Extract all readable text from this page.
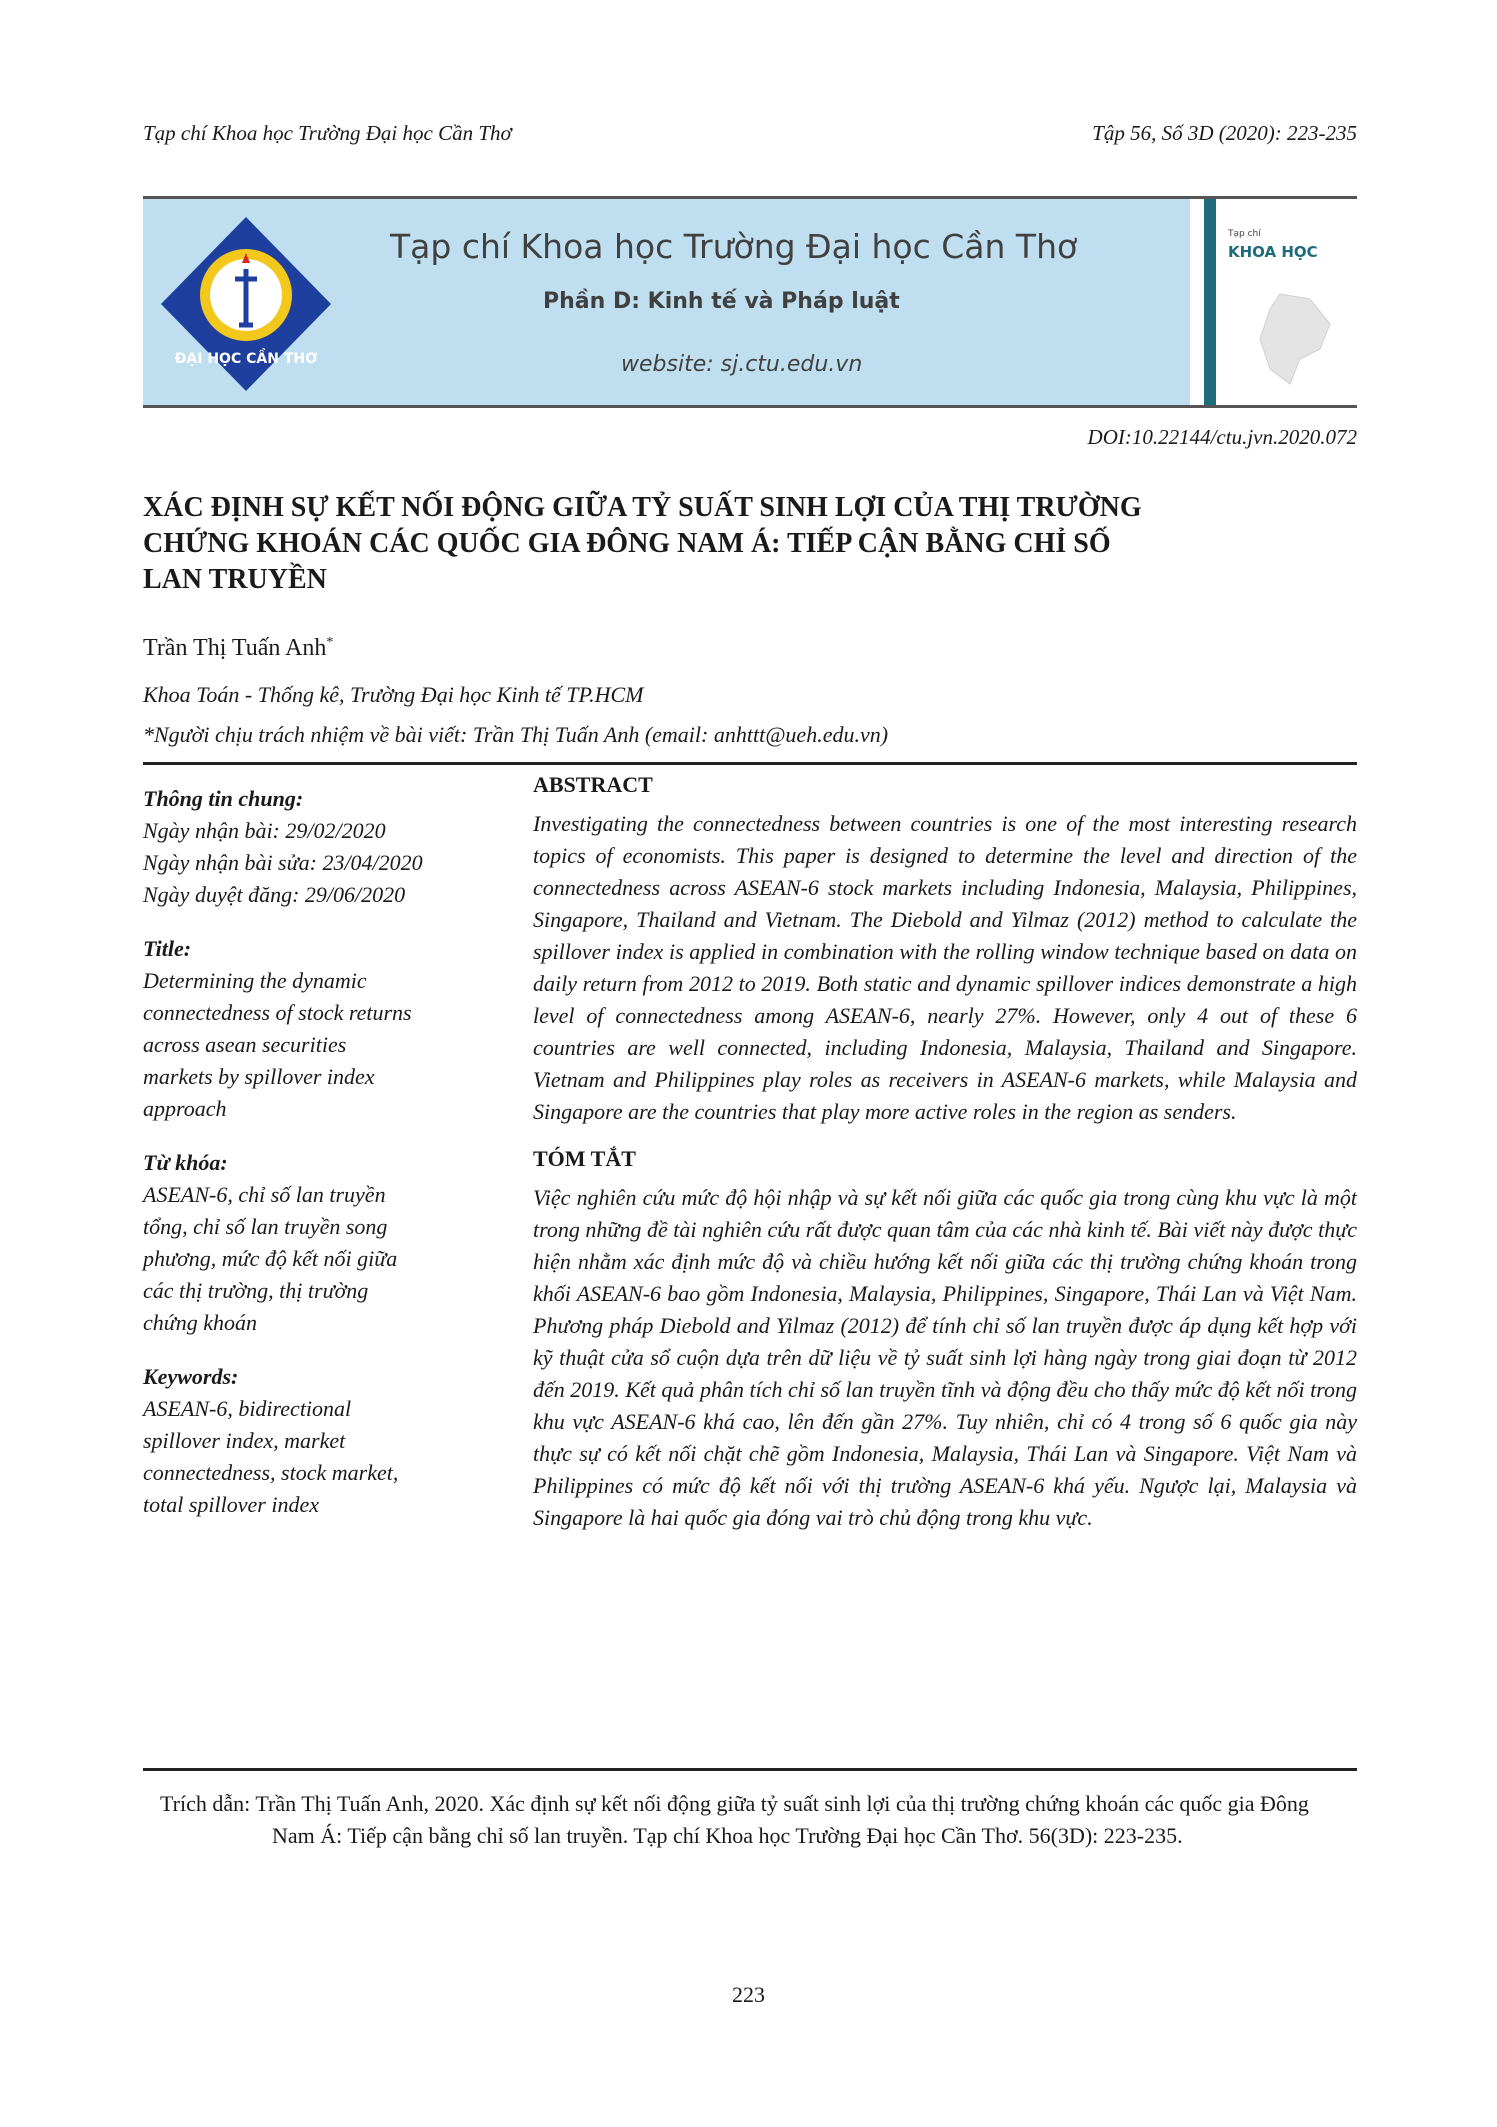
Tạp chí Khoa học Trường Đại học Cần Thơ	Tập 56, Số 3D (2020): 223-235
ĐẠI HỌC CẦN THƠ
Tạp chí Khoa học Trường Đại học Cần Thơ
Phần D: Kinh tế và Pháp luật
website: sj.ctu.edu.vn
Tạp chí
KHOA HỌC
DOI:10.22144/ctu.jvn.2020.072
XÁC ĐỊNH SỰ KẾT NỐI ĐỘNG GIỮA TỶ SUẤT SINH LỢI CỦA THỊ TRƯỜNG
CHỨNG KHOÁN CÁC QUỐC GIA ĐÔNG NAM Á: TIẾP CẬN BẰNG CHỈ SỐ
LAN TRUYỀN
Trần Thị Tuấn Anh*
Khoa Toán - Thống kê, Trường Đại học Kinh tế TP.HCM
*Người chịu trách nhiệm về bài viết: Trần Thị Tuấn Anh (email: anhttt@ueh.edu.vn)
Thông tin chung:
Ngày nhận bài: 29/02/2020
Ngày nhận bài sửa: 23/04/2020
Ngày duyệt đăng: 29/06/2020
Title:
Determining the dynamic
connectedness of stock returns
across asean securities
markets by spillover index
approach
Từ khóa:
ASEAN-6, chỉ số lan truyền
tổng, chỉ số lan truyền song
phương, mức độ kết nối giữa
các thị trường, thị trường
chứng khoán
Keywords:
ASEAN-6, bidirectional
spillover index, market
connectedness, stock market,
total spillover index
ABSTRACT

Investigating the connectedness between countries is one of the most interesting research topics of economists. This paper is designed to determine the level and direction of the connectedness across ASEAN-6 stock markets including Indonesia, Malaysia, Philippines, Singapore, Thailand and Vietnam. The Diebold and Yilmaz (2012) method to calculate the spillover index is applied in combination with the rolling window technique based on data on daily return from 2012 to 2019. Both static and dynamic spillover indices demonstrate a high level of connectedness among ASEAN-6, nearly 27%. However, only 4 out of these 6 countries are well connected, including Indonesia, Malaysia, Thailand and Singapore. Vietnam and Philippines play roles as receivers in ASEAN-6 markets, while Malaysia and Singapore are the countries that play more active roles in the region as senders.

TÓM TẮT

Việc nghiên cứu mức độ hội nhập và sự kết nối giữa các quốc gia trong cùng khu vực là một trong những đề tài nghiên cứu rất được quan tâm của các nhà kinh tế. Bài viết này được thực hiện nhằm xác định mức độ và chiều hướng kết nối giữa các thị trường chứng khoán trong khối ASEAN-6 bao gồm Indonesia, Malaysia, Philippines, Singapore, Thái Lan và Việt Nam. Phương pháp Diebold and Yilmaz (2012) để tính chỉ số lan truyền được áp dụng kết hợp với kỹ thuật cửa sổ cuộn dựa trên dữ liệu về tỷ suất sinh lợi hàng ngày trong giai đoạn từ 2012 đến 2019. Kết quả phân tích chỉ số lan truyền tĩnh và động đều cho thấy mức độ kết nối trong khu vực ASEAN-6 khá cao, lên đến gần 27%. Tuy nhiên, chỉ có 4 trong số 6 quốc gia này thực sự có kết nối chặt chẽ gồm Indonesia, Malaysia, Thái Lan và Singapore. Việt Nam và Philippines có mức độ kết nối với thị trường ASEAN-6 khá yếu. Ngược lại, Malaysia và Singapore là hai quốc gia đóng vai trò chủ động trong khu vực.

Trích dẫn: Trần Thị Tuấn Anh, 2020. Xác định sự kết nối động giữa tỷ suất sinh lợi của thị trường chứng khoán các quốc gia Đông Nam Á: Tiếp cận bằng chỉ số lan truyền. Tạp chí Khoa học Trường Đại học Cần Thơ. 56(3D): 223-235.
223
